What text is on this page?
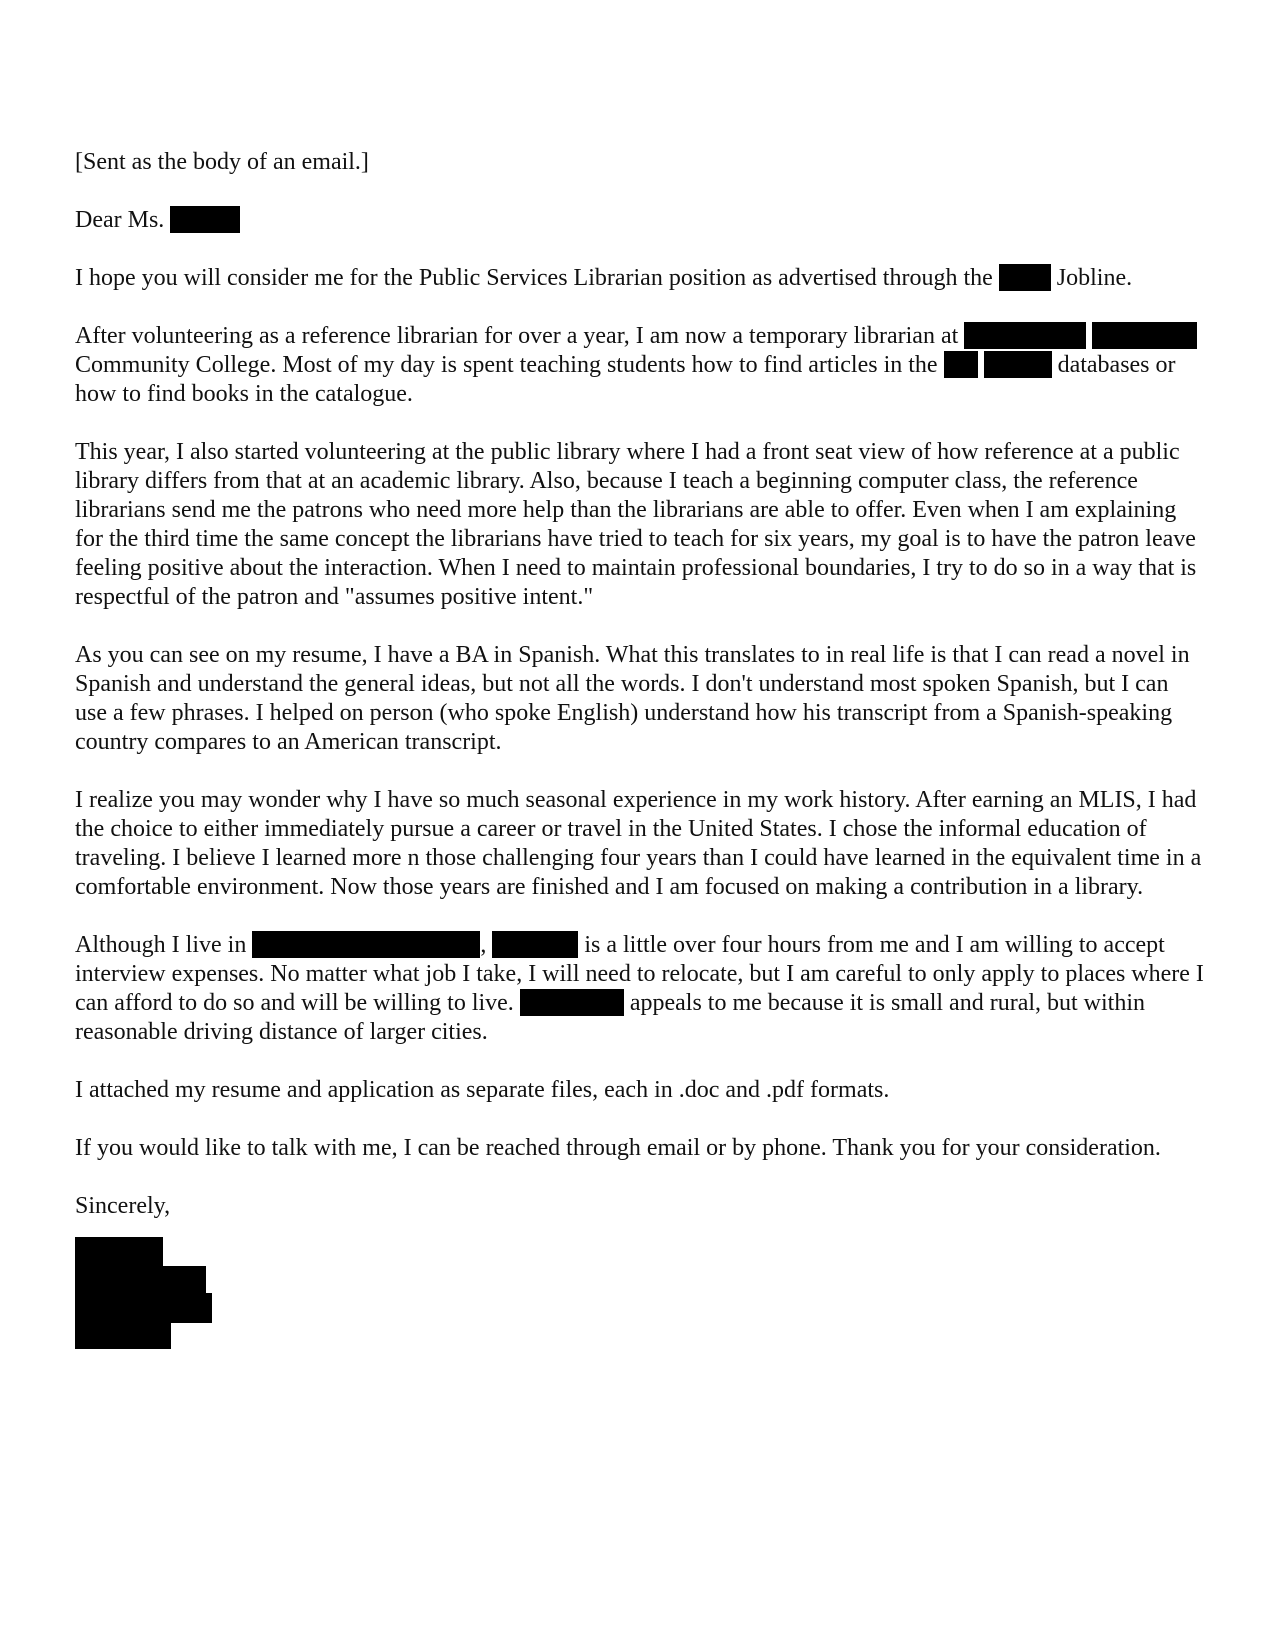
[Sent as the body of an email.]

Dear Ms.

I hope you will consider me for the Public Services Librarian position as advertised through the	Jobline.

After volunteering as a reference librarian for over a year, I am now a temporary librarian at   Community College. Most of my day is spent teaching students how to find articles in the	databases or how to find books in the catalogue.

This year, I also started volunteering at the public library where I had a front seat view of how reference at a public library differs from that at an academic library. Also, because I teach a beginning computer class, the reference librarians send me the patrons who need more help than the librarians are able to offer. Even when I am explaining for the third time the same concept the librarians have tried to teach for six years, my goal is to have the patron leave feeling positive about the interaction. When I need to maintain professional boundaries, I try to do so in a way that is respectful of the patron and "assumes positive intent."

As you can see on my resume, I have a BA in Spanish. What this translates to in real life is that I can read a novel in Spanish and understand the general ideas, but not all the words. I don't understand most spoken Spanish, but I can use a few phrases. I helped on person (who spoke English) understand how his transcript from a Spanish-speaking country compares to an American transcript.

I realize you may wonder why I have so much seasonal experience in my work history. After earning an MLIS, I had the choice to either immediately pursue a career or travel in the United States. I chose the informal education of traveling. I believe I learned more n those challenging four years than I could have learned in the equivalent time in a comfortable environment. Now those years are finished and I am focused on making a contribution in a library.

Although I live in	,	is a little over four hours from me and I am willing to accept interview expenses. No matter what job I take, I will need to relocate, but I am careful to only apply to places where I can afford to do so and will be willing to live.	appeals to me because it is small and rural, but within reasonable driving distance of larger cities.

I attached my resume and application as separate files, each in .doc and .pdf formats.

If you would like to talk with me, I can be reached through email or by phone. Thank you for your consideration.

Sincerely,
